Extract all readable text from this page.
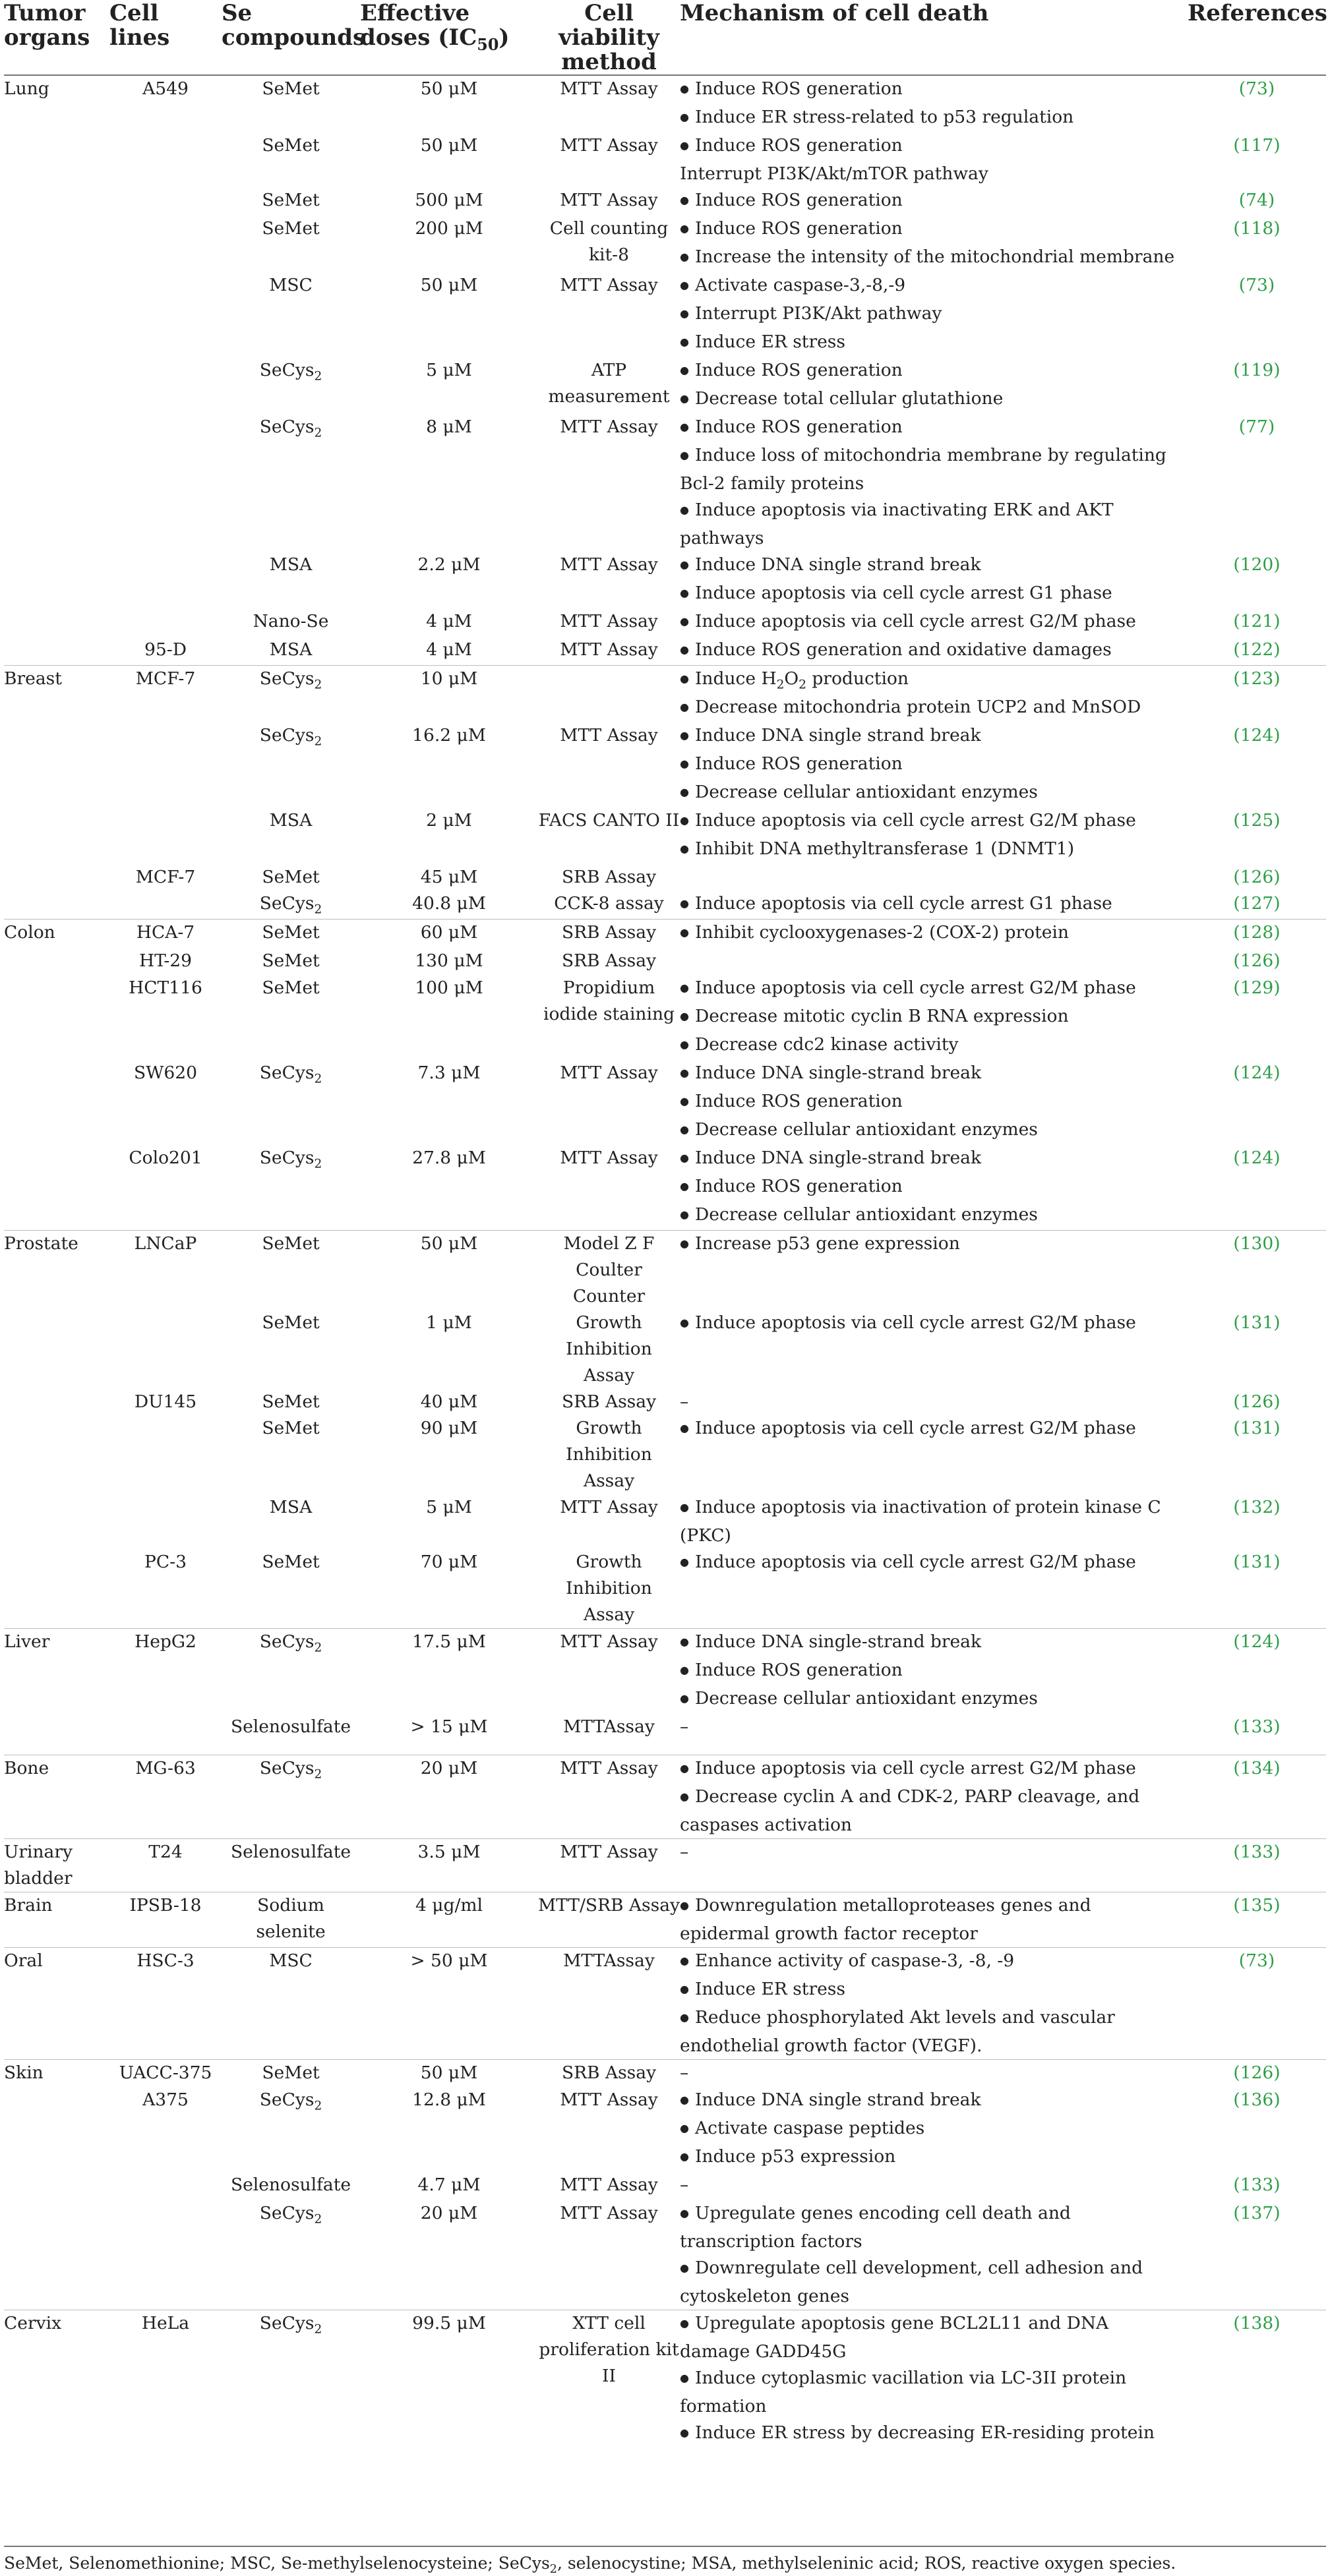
Tumor organs	Cell lines	Se compounds	Effective doses $(IC_{50})$	Cell viability method	Mechanism of cell death	References
Lung	A549	SeMet	50 μM	MTT Assay	● Induce ROS generation
● Induce ER stress-related to p53 regulation	(73)
		SeMet	50 μM	MTT Assay	● Induce ROS generation
Interrupt PI3K/Akt/mTOR pathway	(117)
		SeMet	500 μM	MTT Assay	● Induce ROS generation	(74)
		SeMet	200 μM	Cell counting kit-8	● Induce ROS generation
● Increase the intensity of the mitochondrial membrane	(118)
		MSC	50 μM	MTT Assay	● Activate caspase-3,-8,-9
● Interrupt PI3K/Akt pathway
● Induce ER stress	(73)
		SeCys$_2$	5 μM	ATP measurement	● Induce ROS generation
● Decrease total cellular glutathione	(119)
		SeCys$_2$	8 μM	MTT Assay	● Induce ROS generation
● Induce loss of mitochondria membrane by regulating Bcl-2 family proteins
● Induce apoptosis via inactivating ERK and AKT pathways	(77)
		MSA	2.2 μM	MTT Assay	● Induce DNA single strand break
● Induce apoptosis via cell cycle arrest G1 phase	(120)
		Nano-Se	4 μM	MTT Assay	● Induce apoptosis via cell cycle arrest G2/M phase	(121)
	95-D	MSA	4 μM	MTT Assay	● Induce ROS generation and oxidative damages	(122)
Breast	MCF-7	SeCys$_2$	10 μM		● Induce $H_2O_2$ production
● Decrease mitochondria protein UCP2 and MnSOD	(123)
		SeCys$_2$	16.2 μM	MTT Assay	● Induce DNA single strand break
● Induce ROS generation
● Decrease cellular antioxidant enzymes	(124)
		MSA	2 μM	FACS CANTO II	● Induce apoptosis via cell cycle arrest G2/M phase
● Inhibit DNA methyltransferase 1 (DNMT1)	(125)
	MCF-7	SeMet	45 μM	SRB Assay		(126)
		SeCys$_2$	40.8 μM	CCK-8 assay	● Induce apoptosis via cell cycle arrest G1 phase	(127)
Colon	HCA-7	SeMet	60 μM	SRB Assay	● Inhibit cyclooxygenases-2 (COX-2) protein	(128)
	HT-29	SeMet	130 μM	SRB Assay		(126)
	HCT116	SeMet	100 μM	Propidium iodide staining	● Induce apoptosis via cell cycle arrest G2/M phase
● Decrease mitotic cyclin B RNA expression
● Decrease cdc2 kinase activity	(129)
	SW620	SeCys$_2$	7.3 μM	MTT Assay	● Induce DNA single-strand break
● Induce ROS generation
● Decrease cellular antioxidant enzymes	(124)
	Colo201	SeCys$_2$	27.8 μM	MTT Assay	● Induce DNA single-strand break
● Induce ROS generation
● Decrease cellular antioxidant enzymes	(124)
Prostate	LNCaP	SeMet	50 μM	Model Z F Coulter Counter	● Increase p53 gene expression	(130)
		SeMet	1 μM	Growth Inhibition Assay	● Induce apoptosis via cell cycle arrest G2/M phase	(131)
	DU145	SeMet	40 μM	SRB Assay	–	(126)
		SeMet	90 μM	Growth Inhibition Assay	● Induce apoptosis via cell cycle arrest G2/M phase	(131)
		MSA	5 μM	MTT Assay	● Induce apoptosis via inactivation of protein kinase C (PKC)	(132)
	PC-3	SeMet	70 μM	Growth Inhibition Assay	● Induce apoptosis via cell cycle arrest G2/M phase	(131)
Liver	HepG2	SeCys$_2$	17.5 μM	MTT Assay	● Induce DNA single-strand break
● Induce ROS generation
● Decrease cellular antioxidant enzymes	(124)
		Selenosulfate	> 15 μM	MTTAssay	–	(133)
Bone	MG-63	SeCys$_2$	20 μM	MTT Assay	● Induce apoptosis via cell cycle arrest G2/M phase
● Decrease cyclin A and CDK-2, PARP cleavage, and caspases activation	(134)
Urinary bladder	T24	Selenosulfate	3.5 μM	MTT Assay	–	(133)
Brain	IPSB-18	Sodium selenite	4 μg/ml	MTT/SRB Assay	● Downregulation metalloproteases genes and epidermal growth factor receptor	(135)
Oral	HSC-3	MSC	> 50 μM	MTTAssay	● Enhance activity of caspase-3, -8, -9
● Induce ER stress
● Reduce phosphorylated Akt levels and vascular endothelial growth factor (VEGF).	(73)
Skin	UACC-375	SeMet	50 μM	SRB Assay	–	(126)
	A375	SeCys$_2$	12.8 μM	MTT Assay	● Induce DNA single strand break
● Activate caspase peptides
● Induce p53 expression	(136)
		Selenosulfate	4.7 μM	MTT Assay	–	(133)
		SeCys$_2$	20 μM	MTT Assay	● Upregulate genes encoding cell death and transcription factors
● Downregulate cell development, cell adhesion and cytoskeleton genes	(137)
Cervix	HeLa	SeCys$_2$	99.5 μM	XTT cell proliferation kit II	● Upregulate apoptosis gene BCL2L11 and DNA damage GADD45G
● Induce cytoplasmic vacillation via LC-3II protein formation
● Induce ER stress by decreasing ER-residing protein	(138)
SeMet, Selenomethionine; MSC, Se-methylselenocysteine; SeCys$_2$, selenocystine; MSA, methylseleninic acid; ROS, reactive oxygen species.
